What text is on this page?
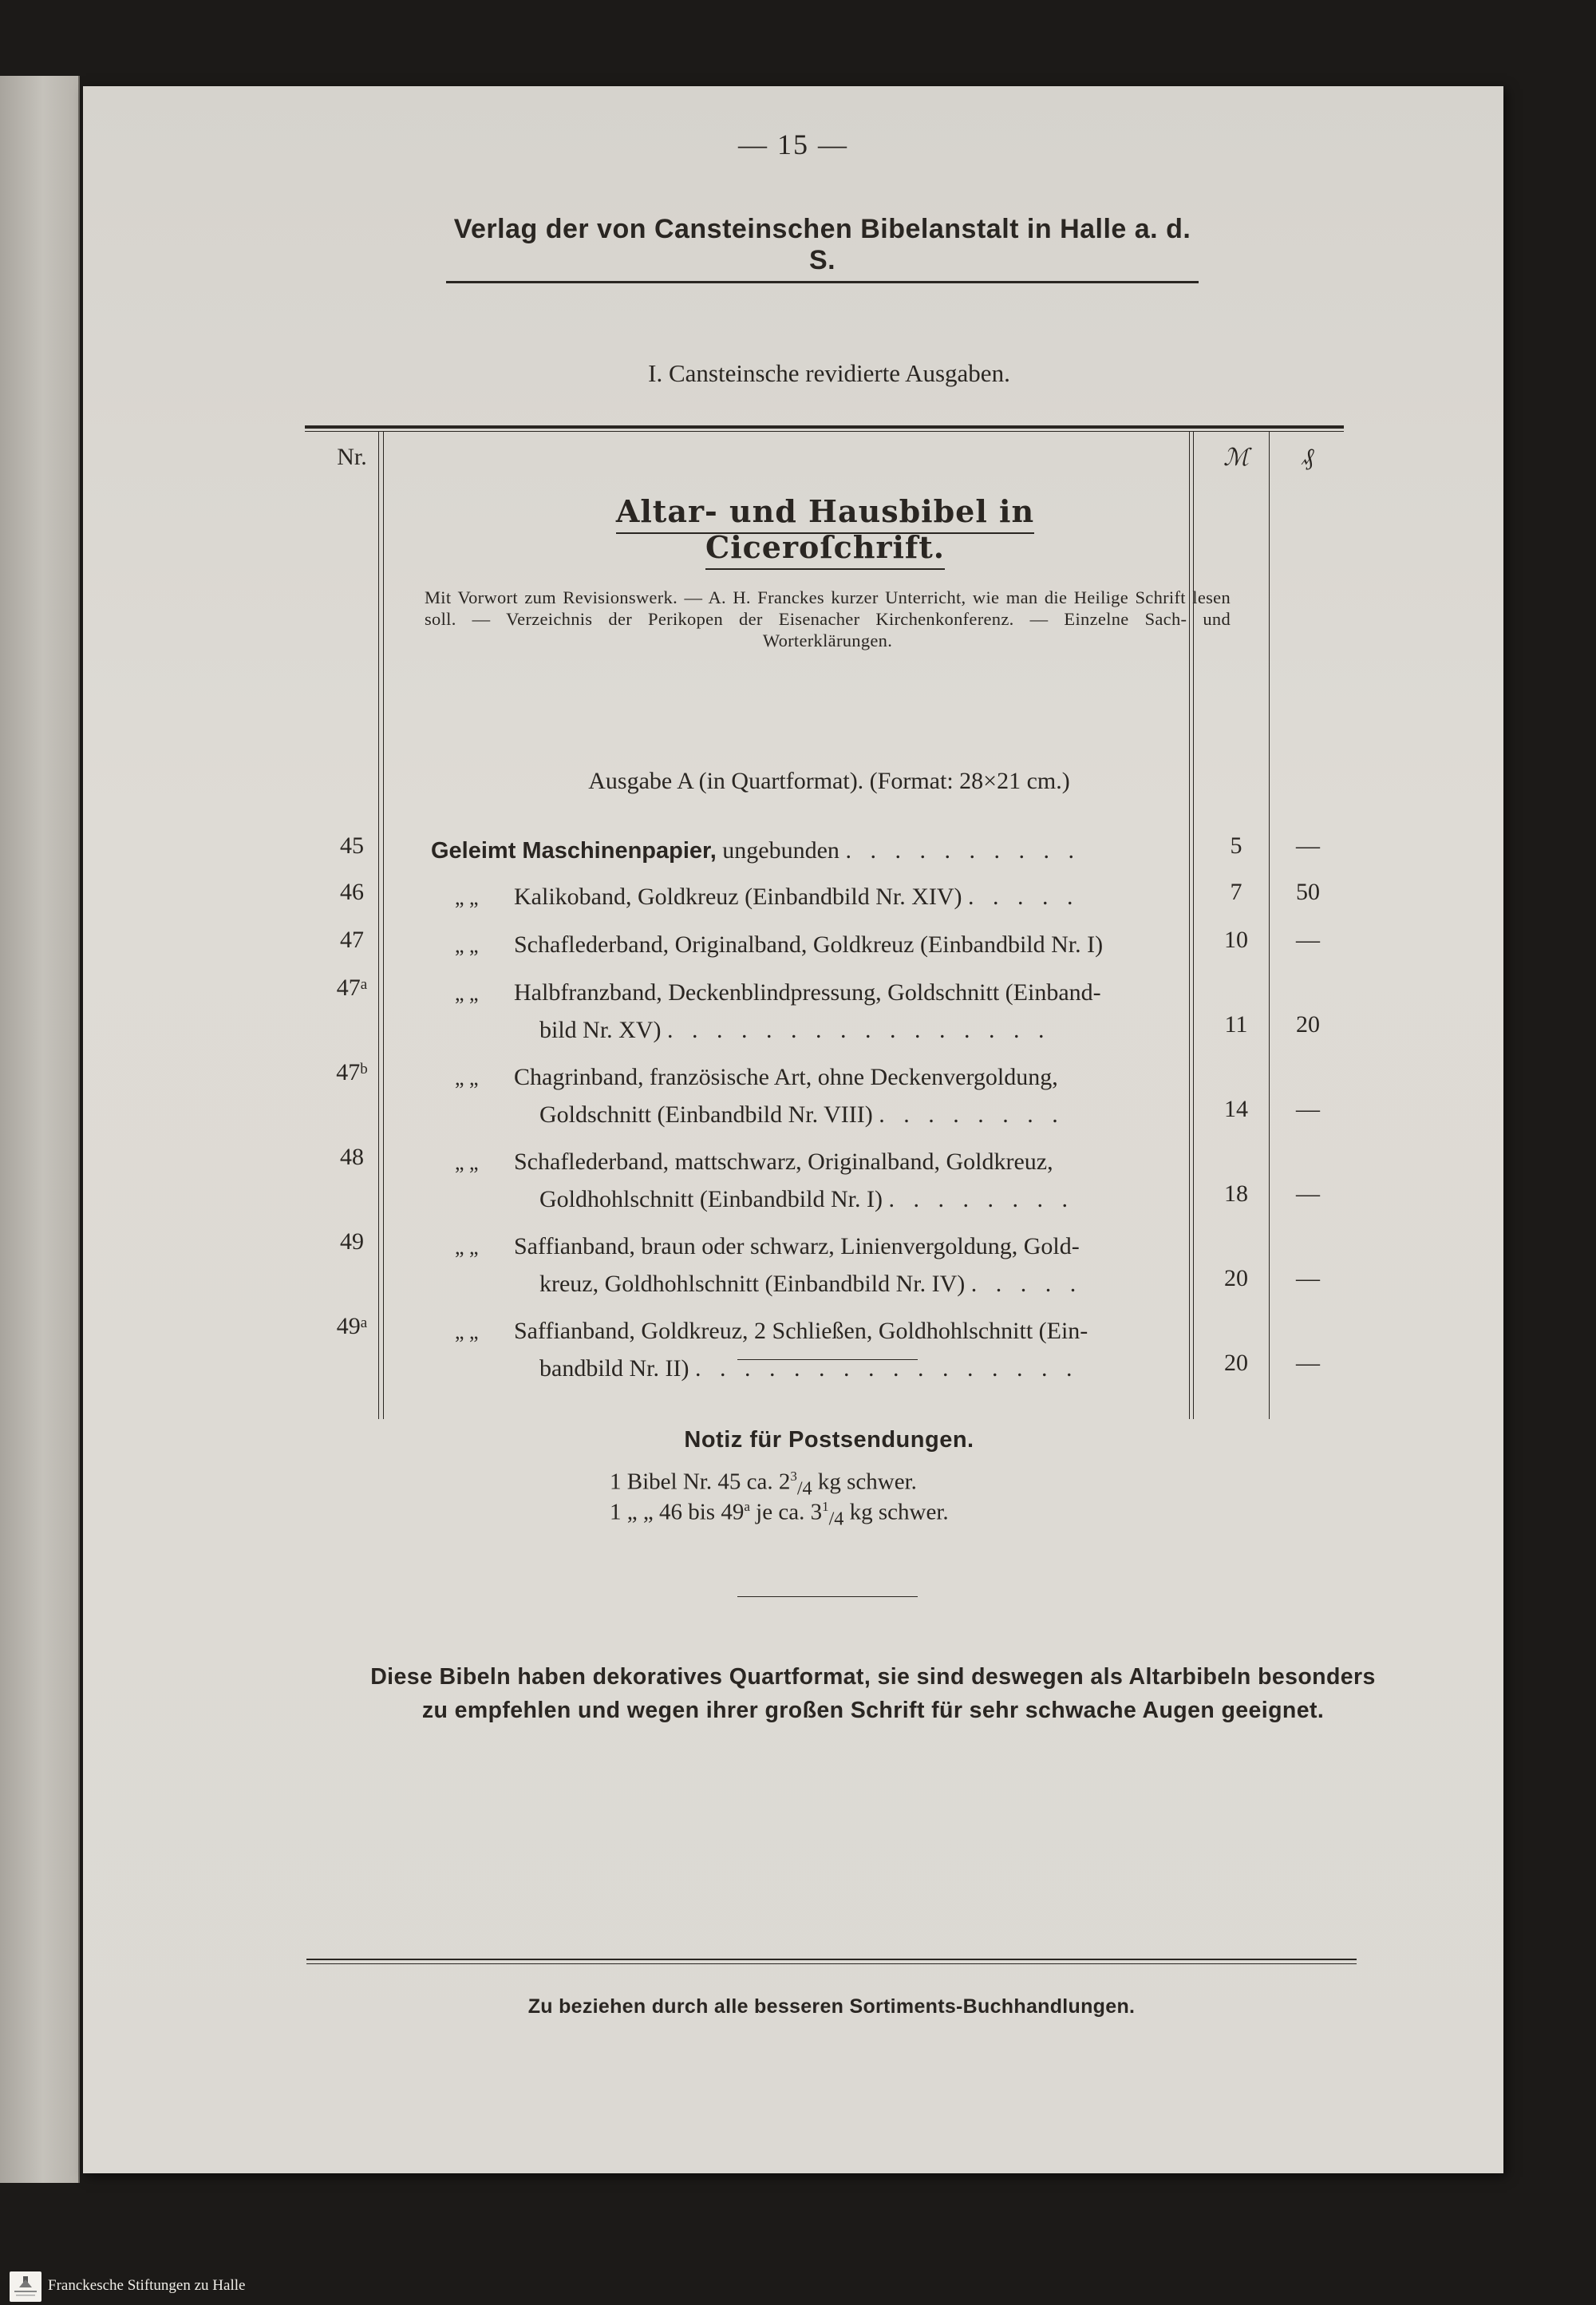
— 15 —
Verlag der von Cansteinschen Bibelanstalt in Halle a. d. S.
I. Cansteinsche revidierte Ausgaben.
Nr.	ℳ	₰
Altar- und Hausbibel in Ciceroſchrift.
Mit Vorwort zum Revisionswerk. — A. H. Franckes kurzer Unterricht, wie man die Heilige Schrift lesen soll. — Verzeichnis der Perikopen der Eisenacher Kirchenkonferenz. — Einzelne Sach- und Worterklärungen.
Ausgabe A (in Quartformat). (Format: 28×21 cm.)
45	Geleimt Maschinenpapier, ungebunden . . . . . . . . . .	5	—
46	„ „ Kalikoband, Goldkreuz (Einbandbild Nr. XIV) . . . . .	7	50
47	„ „ Schaflederband, Originalband, Goldkreuz (Einbandbild Nr. I)	10	—
47$^a$	„ „ Halbfranzband, Deckenblindpressung, Goldschnitt (Einband-
bild Nr. XV) . . . . . . . . . . . . . . . .	11	20
47$^b$	„ „ Chagrinband, französische Art, ohne Deckenvergoldung,
Goldschnitt (Einbandbild Nr. VIII) . . . . . . . .	14	—
48	„ „ Schaflederband, mattschwarz, Originalband, Goldkreuz,
Goldhohlschnitt (Einbandbild Nr. I) . . . . . . . .	18	—
49	„ „ Saffianband, braun oder schwarz, Linienvergoldung, Gold-
kreuz, Goldhohlschnitt (Einbandbild Nr. IV) . . . . .	20	—
49$^a$	„ „ Saffianband, Goldkreuz, 2 Schließen, Goldhohlschnitt (Ein-
bandbild Nr. II) . . . . . . . . . . . . . . . .	20	—
Notiz für Postsendungen.
1 Bibel Nr. 45 ca. $2^3_{/4}$ kg schwer.
1 „ „ 46 bis 49$^a$ je ca. $3^1_{/4}$ kg schwer.
Diese Bibeln haben dekoratives Quartformat, sie sind deswegen als Altarbibeln besonders
zu empfehlen und wegen ihrer großen Schrift für sehr schwache Augen geeignet.
Zu beziehen durch alle besseren Sortiments-Buchhandlungen.
Franckesche Stiftungen zu Halle
